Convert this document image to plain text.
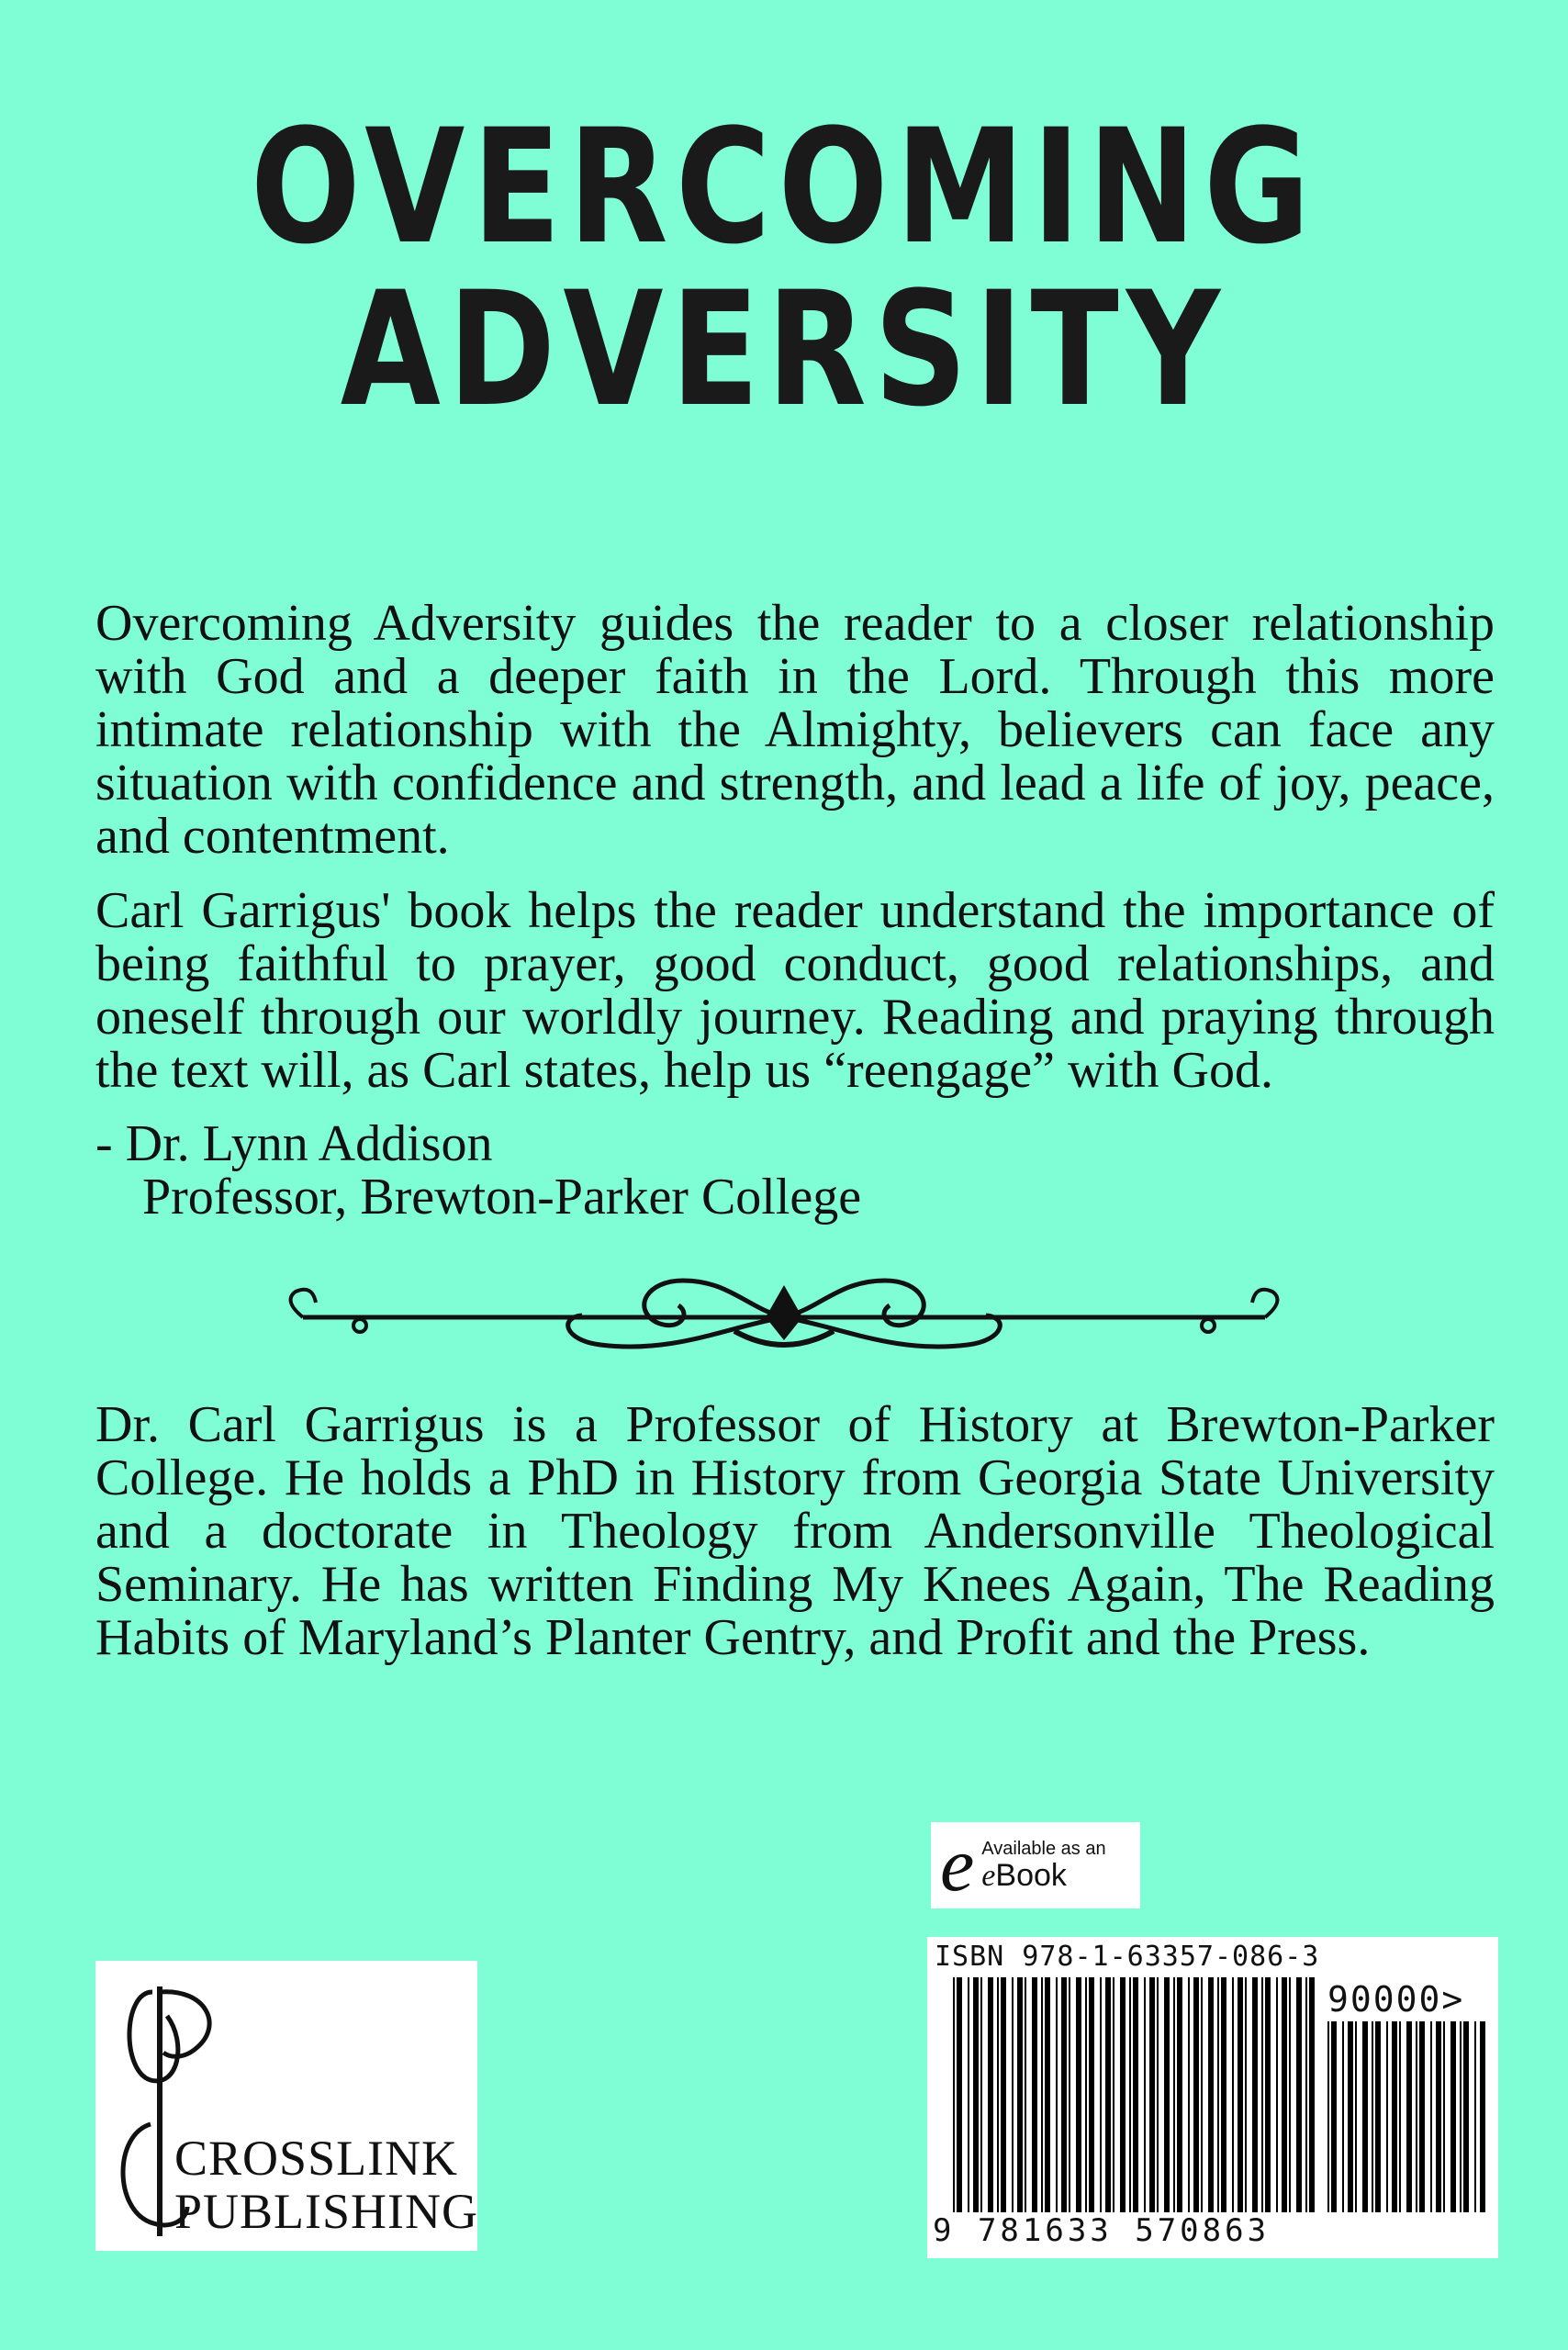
OVERCOMING
ADVERSITY

Overcoming Adversity guides the reader to a closer relationship with God and a deeper faith in the Lord. Through this more intimate relationship with the Almighty, believers can face any situation with confidence and strength, and lead a life of joy, peace, and contentment.

Carl Garrigus' book helps the reader understand the importance of being faithful to prayer, good conduct, good relationships, and oneself through our worldly journey. Reading and praying through the text will, as Carl states, help us “reengage” with God.

- Dr. Lynn Addison

Professor, Brewton-Parker College

Dr. Carl Garrigus is a Professor of History at Brewton-Parker College. He holds a PhD in History from Georgia State University and a doctorate in Theology from Andersonville Theological Seminary. He has written Finding My Knees Again, The Reading Habits of Maryland’s Planter Gentry, and Profit and the Press.

e Available as an
eBook
CROSSLINK
PUBLISHING
ISBN 978-1-63357-086-3
90000>
9 781633 570863
